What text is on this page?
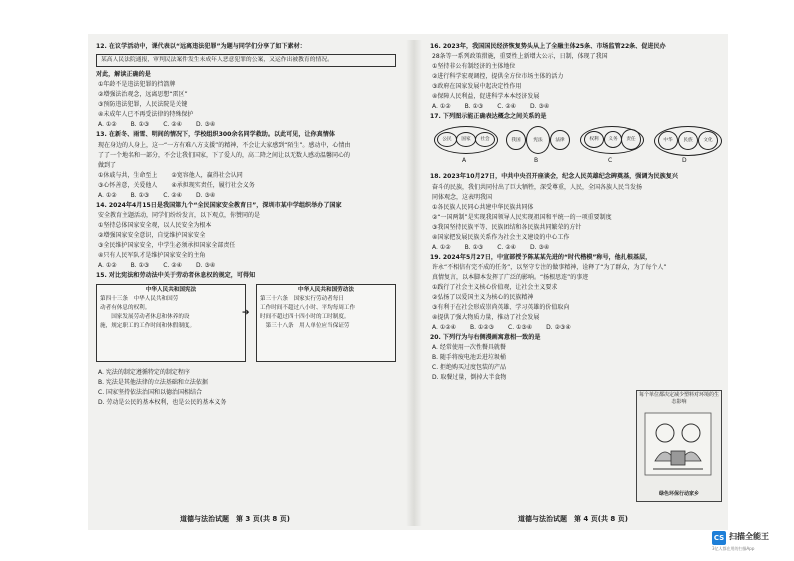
12. 在议学活动中，课代表以“远离违法犯罪”为题与同学们分享了如下素材：
某高人民法院通报，审判民法案件发生未成年人恶意犯罪的公案，又运作出被教育的情况。
对此，解读正确的是
①年龄不是违法犯罪的挡箭牌
②增强法治观念，远离思想“雷区”
③预防违法犯罪，人民法院是关键
④未成年人已不再受法律的特殊保护
A. ①② B. ①③ C. ②④ D. ③④
13. 在新冬、雨雪、明间的情况下，学校组织300余名同学救助。以此可见，让你真情体
现在身边的人身上，这一“一方有难八方支援”的精神，不会让大家感到“陌生”。感动中，心情由
了了一个地名和一部分，不会让我们国家，下了爱人的，高二降之间让以无数人感动温馨同心的
做到了
①休戚与共，生命至上 ②宽容他人，赢得社会认同
③心怀善意，关爱他人 ④承担现实责任，履行社会义务
A. ①② B. ①③ C. ②④ D. ③④
14. 2024年4月15日是我国第九个“全民国家安全教育日”，深圳市某中学组织举办了国家
安全教育主题活动，同学们纷纷发言，以下观点，你赞同的是
①坚持总体国家安全观，以人民安全为根本
②增强国家安全意识，自觉维护国家安全
③全民维护国家安全，中学生必须承担国家全部责任
④只有人民军队才是维护国家安全的主角
A. ①② B. ①③ C. ②④ D. ③④
15. 对比宪法和劳动法中关于劳动者休息权的规定，可得知
中华人民共和国宪法
第四十三条　中华人民共和国劳
动者有休息的权利。
　　国家发展劳动者休息和休养的设
施，规定职工的工作时间和休假制度。
➔
中华人民共和国劳动法
第三十六条　国家实行劳动者每日
工作时间不超过八小时、平均每周工作
时间不超过四十四小时的工时制度。
　第三十八条　用人单位应当保证劳
A. 宪法的制定遵循特定的制定程序
B. 宪法是其他法律的立法基础和立法依据
C. 国家坚持依法治国和以德治国相结合
D. 劳动是公民的基本权利，也是公民的基本义务
道德与法治试题　第 3 页(共 8 页)
16. 2023年，我国国民经济恢复势头从上了全融主体25条、市场监管22条、促进民办
28条等一系列政策措施，重要性上新增大公示，日制，体现了我国
①坚持非公有制经济的主体地位
②进行科学宏观调控，提供全方位市场主体的活力
③政府在国家发展中起决定性作用
④保障人民利益，促进科学本本经济发展
A. ①② B. ①③ C. ②④ D. ③④
17. 下列图示能正确表达概念之间关系的是
公民	国家	社会
A
我国	宪法	法律
B
权利	义务	责任
C
中华	民族	文化
D
18. 2023年10月27日，中共中央召开座谈会，纪念人民英雄纪念碑奠基，强调为民族复兴
奋斗的民族，我们共同付出了巨大牺牲，深受尊重，人民，全国各族人民当发扬
同体观念，这表明我国
①各民族人民同心共建中华民族共同体
②“一国两制”是实现我国领导人民实现祖国和平统一的一项重要制度
③我国坚持民族平等、民族团结和各民族共同繁荣的方针
④国家把发展民族关系作为社会主义建设的中心工作
A. ①② B. ①③ C. ②④ D. ③④
19. 2024年5月27日，中宣部授予陈某某先进的“时代楷模”称号，他扎根基层，
许永“不相信有完不成的任务”，以坚守专注的做事精神，诠释了“为了群众，为了每个人”
真情复言，以本脚本发挥了广泛的影响。“扬根思连”的事迹
①践行了社会主义核心价值观，让社会主义要求
②弘扬了以爱国主义为核心的民族精神
③有利于在社会形成崇尚英雄、学习英雄的价值取向
④提供了强大物质力量，推动了社会发展
A. ①②④ B. ①②③ C. ①③④ D. ②③④
20. 下列行为与右侧漫画寓意相一致的是
A. 经常使用一次性餐具就餐
B. 随手将废电池丢进垃圾桶
C. 拒绝购买过度包装的产品
D. 取餐过量，倒掉大半食物
每个单位都决定减少塑料对环境的生态影响
绿色环保行动家乡
道德与法治试题　第 4 页(共 8 页)
CS 扫描全能王
3亿人都在用的扫描App
